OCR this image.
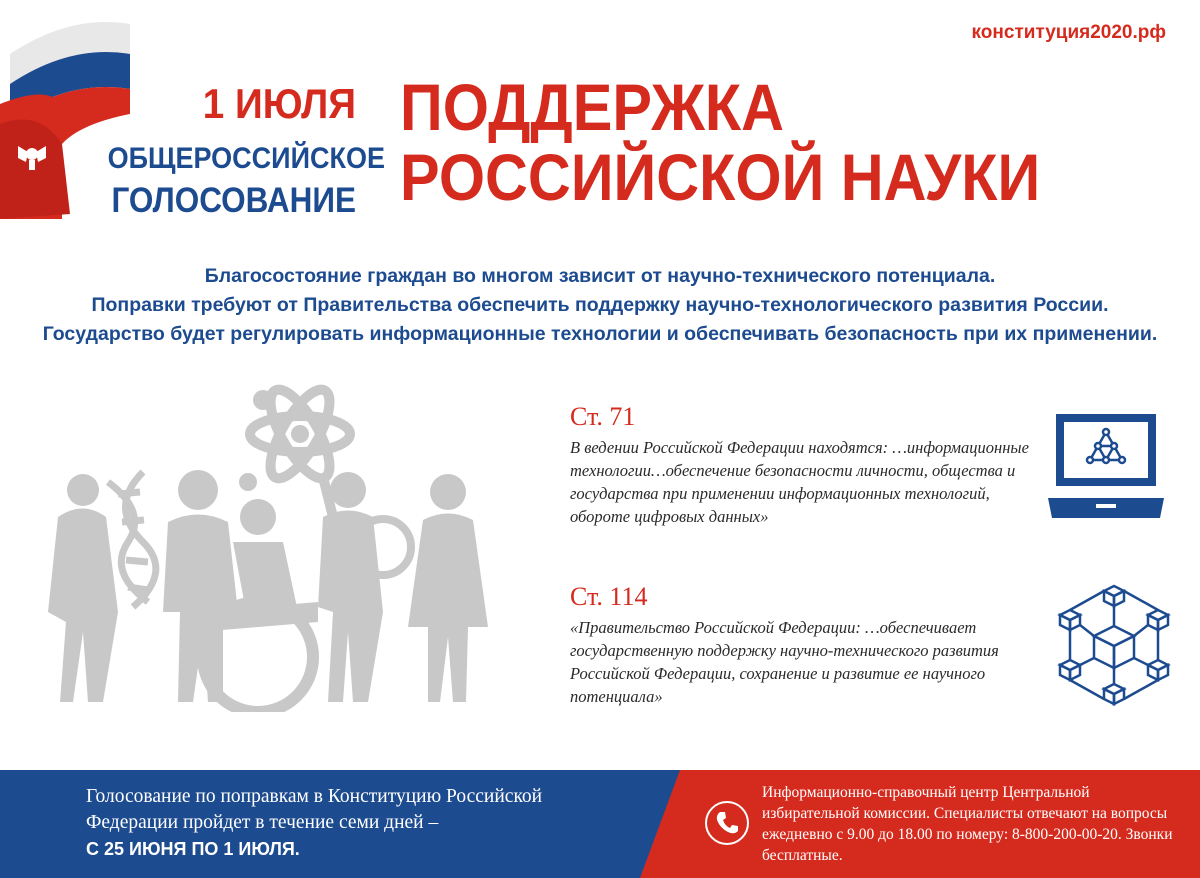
конституция2020.рф
1 ИЮЛЯ
ОБЩЕРОССИЙСКОЕ
ГОЛОСОВАНИЕ
ПОДДЕРЖКА
РОССИЙСКОЙ НАУКИ
Благосостояние граждан во многом зависит от научно-технического потенциала.
Поправки требуют от Правительства обеспечить поддержку научно-технологического развития России.
Государство будет регулировать информационные технологии и обеспечивать безопасность при их применении.
Ст. 71
В ведении Российской Федерации находятся: …информационные технологии…обеспечение безопасности личности, общества и государства при применении информационных технологий, обороте цифровых данных»
Ст. 114
«Правительство Российской Федерации: …обеспечивает государственную поддержку научно-технического развития Российской Федерации, сохранение и развитие ее научного потенциала»
Голосование по поправкам в Конституцию Российской
Федерации пройдет в течение семи дней –
С 25 ИЮНЯ ПО 1 ИЮЛЯ.
Информационно-справочный центр Центральной избирательной комиссии. Специалисты отвечают на вопросы ежедневно с 9.00 до 18.00 по номеру: 8-800-200-00-20. Звонки бесплатные.
